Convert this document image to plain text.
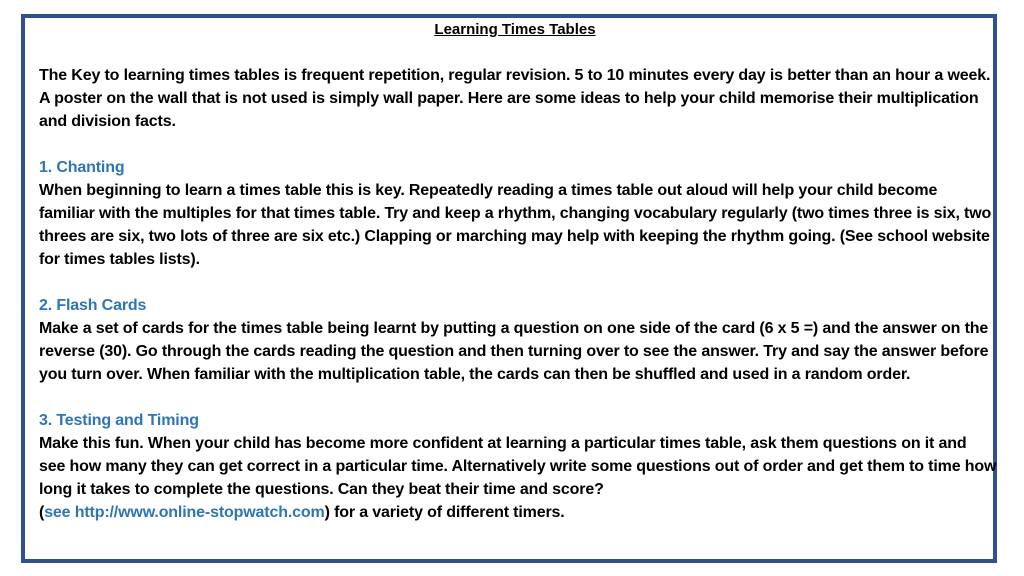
Learning Times Tables

The Key to learning times tables is frequent repetition, regular revision. 5 to 10 minutes every day is better than an hour a week. A poster on the wall that is not used is simply wall paper. Here are some ideas to help your child memorise their multiplication and division facts.

1. Chanting

When beginning to learn a times table this is key. Repeatedly reading a times table out aloud will help your child become familiar with the multiples for that times table. Try and keep a rhythm, changing vocabulary regularly (two times three is six, two threes are six, two lots of three are six etc.) Clapping or marching may help with keeping the rhythm going. (See school website for times tables lists).

2. Flash Cards

Make a set of cards for the times table being learnt by putting a question on one side of the card (6 x 5 =) and the answer on the reverse (30). Go through the cards reading the question and then turning over to see the answer. Try and say the answer before you turn over. When familiar with the multiplication table, the cards can then be shuffled and used in a random order.

3. Testing and Timing

Make this fun. When your child has become more confident at learning a particular times table, ask them questions on it and see how many they can get correct in a particular time. Alternatively write some questions out of order and get them to time how long it takes to complete the questions. Can they beat their time and score?

(see http://www.online-stopwatch.com) for a variety of different timers.
